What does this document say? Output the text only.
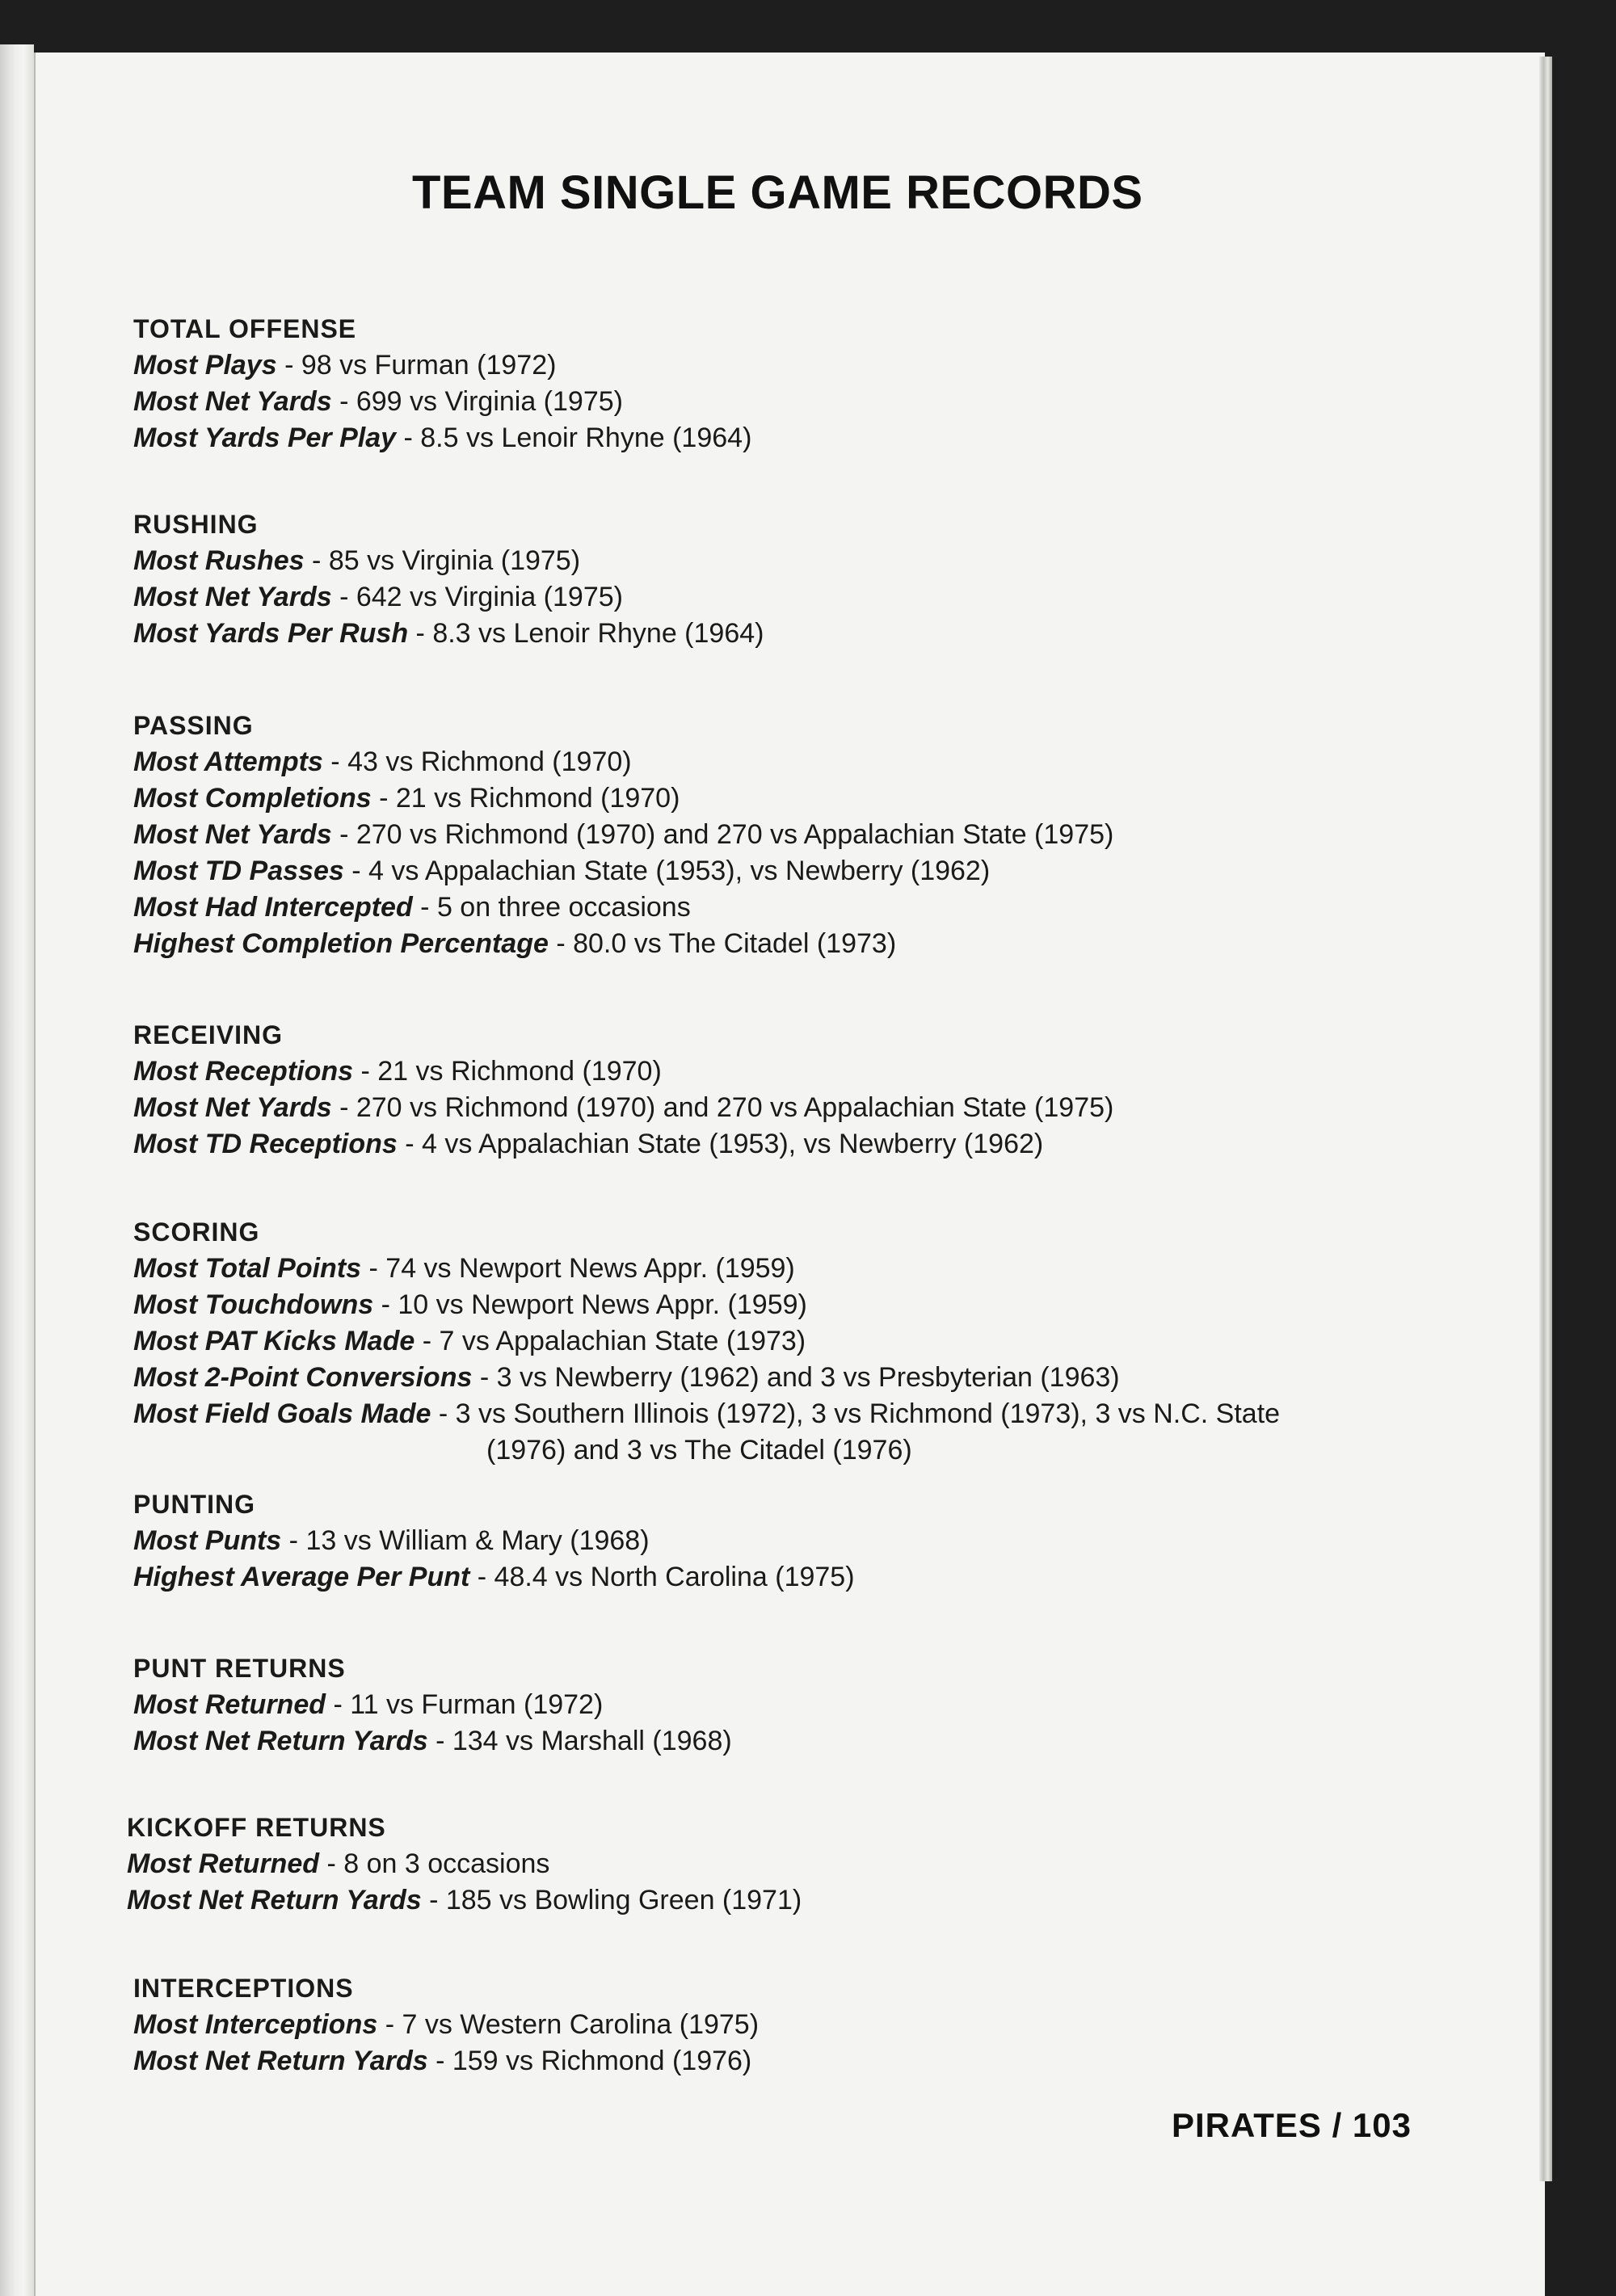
TEAM SINGLE GAME RECORDS
TOTAL OFFENSE
Most Plays - 98 vs Furman (1972)
Most Net Yards - 699 vs Virginia (1975)
Most Yards Per Play - 8.5 vs Lenoir Rhyne (1964)
RUSHING
Most Rushes - 85 vs Virginia (1975)
Most Net Yards - 642 vs Virginia (1975)
Most Yards Per Rush - 8.3 vs Lenoir Rhyne (1964)
PASSING
Most Attempts - 43 vs Richmond (1970)
Most Completions - 21 vs Richmond (1970)
Most Net Yards - 270 vs Richmond (1970) and 270 vs Appalachian State (1975)
Most TD Passes - 4 vs Appalachian State (1953), vs Newberry (1962)
Most Had Intercepted - 5 on three occasions
Highest Completion Percentage - 80.0 vs The Citadel (1973)
RECEIVING
Most Receptions - 21 vs Richmond (1970)
Most Net Yards - 270 vs Richmond (1970) and 270 vs Appalachian State (1975)
Most TD Receptions - 4 vs Appalachian State (1953), vs Newberry (1962)
SCORING
Most Total Points - 74 vs Newport News Appr. (1959)
Most Touchdowns - 10 vs Newport News Appr. (1959)
Most PAT Kicks Made - 7 vs Appalachian State (1973)
Most 2-Point Conversions - 3 vs Newberry (1962) and 3 vs Presbyterian (1963)
Most Field Goals Made - 3 vs Southern Illinois (1972), 3 vs Richmond (1973), 3 vs N.C. State
(1976) and 3 vs The Citadel (1976)
PUNTING
Most Punts - 13 vs William & Mary (1968)
Highest Average Per Punt - 48.4 vs North Carolina (1975)
PUNT RETURNS
Most Returned - 11 vs Furman (1972)
Most Net Return Yards - 134 vs Marshall (1968)
KICKOFF RETURNS
Most Returned - 8 on 3 occasions
Most Net Return Yards - 185 vs Bowling Green (1971)
INTERCEPTIONS
Most Interceptions - 7 vs Western Carolina (1975)
Most Net Return Yards - 159 vs Richmond (1976)
PIRATES / 103
